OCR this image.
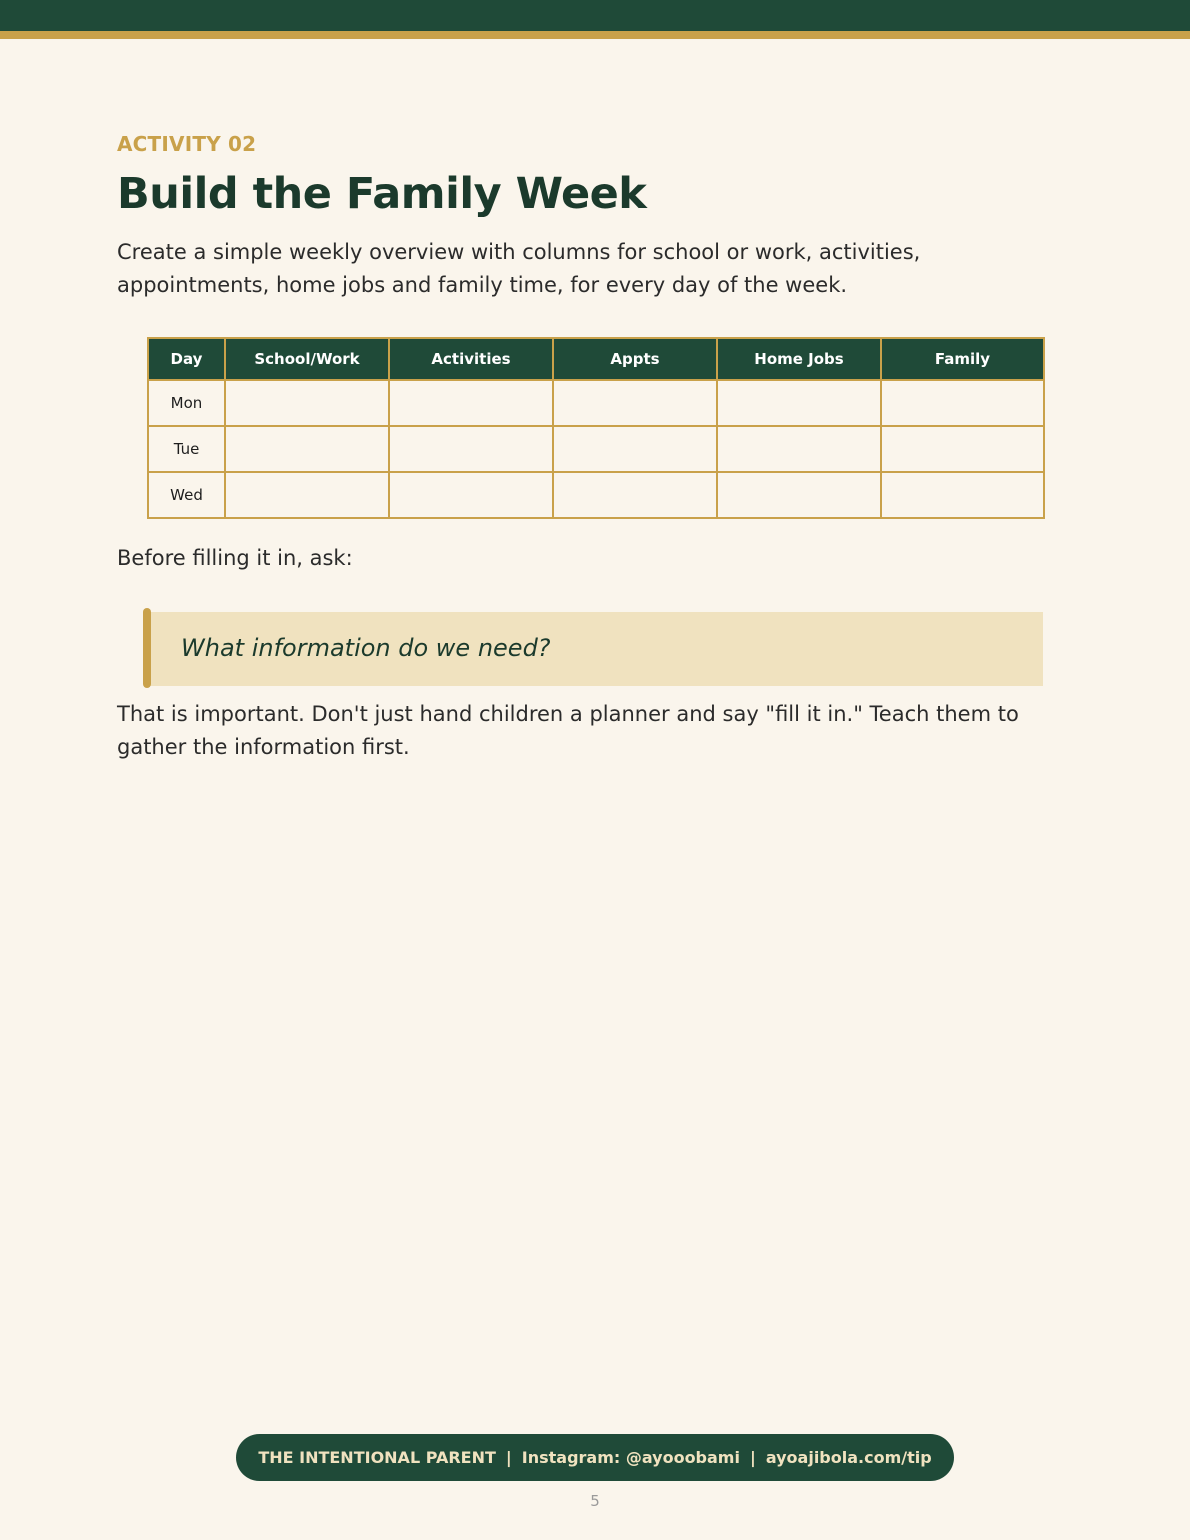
ACTIVITY 02

Build the Family Week

Create a simple weekly overview with columns for school or work, activities, appointments, home jobs and family time, for every day of the week.

Day	School/Work	Activities	Appts	Home Jobs	Family
Mon					
Tue					
Wed					

Before filling it in, ask:

What information do we need?

That is important. Don't just hand children a planner and say "fill it in." Teach them to gather the information first.

THE INTENTIONAL PARENT | Instagram: @ayooobami | ayoajibola.com/tip
5
